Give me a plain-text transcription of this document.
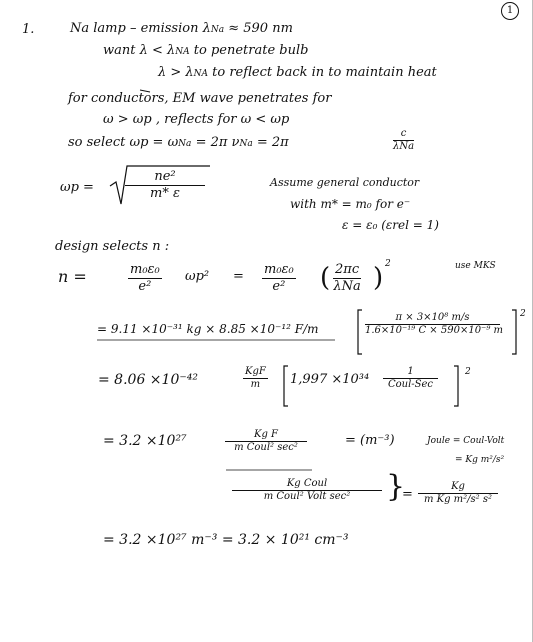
1
1.	Na lamp – emission λNa ≈ 590 nm
want λ < λNA to penetrate bulb
λ > λNA to reflect back in to maintain heat
for conductors, EM wave penetrates for
ω > ωp , reflects for ω < ωp
so select ωp = ωNa = 2π νNa = 2π
c
λNa
$\omega p = \frac{\text{ne²}}{m* \varepsilon}$	Assume general conductor
with m* = m₀ for e⁻
ε = ε₀ (εrel = 1)
design selects n :
n =	$\frac{\text{m₀ε₀}}{\text{e²}} \omega p^2 = \frac{\text{m₀ε₀}}{\text{e²}}$ ( 2πc
λNa ) 2	use MKS
= 9.11 ×10⁻³¹ kg × 8.85 ×10⁻¹² F/m	$\frac{\text{π × 3×10⁸ m/s}}{\text{1.6×10⁻¹⁹ C × 590×10⁻⁹ m}} 2$
= 8.06 ×10⁻⁴²
KgF
m	1,997 ×10³⁴
1
Coul-Sec
2
= 3.2 ×10²⁷	Kg F
m Coul² sec²	= (m⁻³)	Joule = Coul-Volt
= Kg m²/s²
Kg Coul
m Coul² Volt sec²	}
= $\frac{Kg}{\text{m Kg m²/s² s²}}$
= 3.2 ×10²⁷ m⁻³ = 3.2 × 10²¹ cm⁻³
